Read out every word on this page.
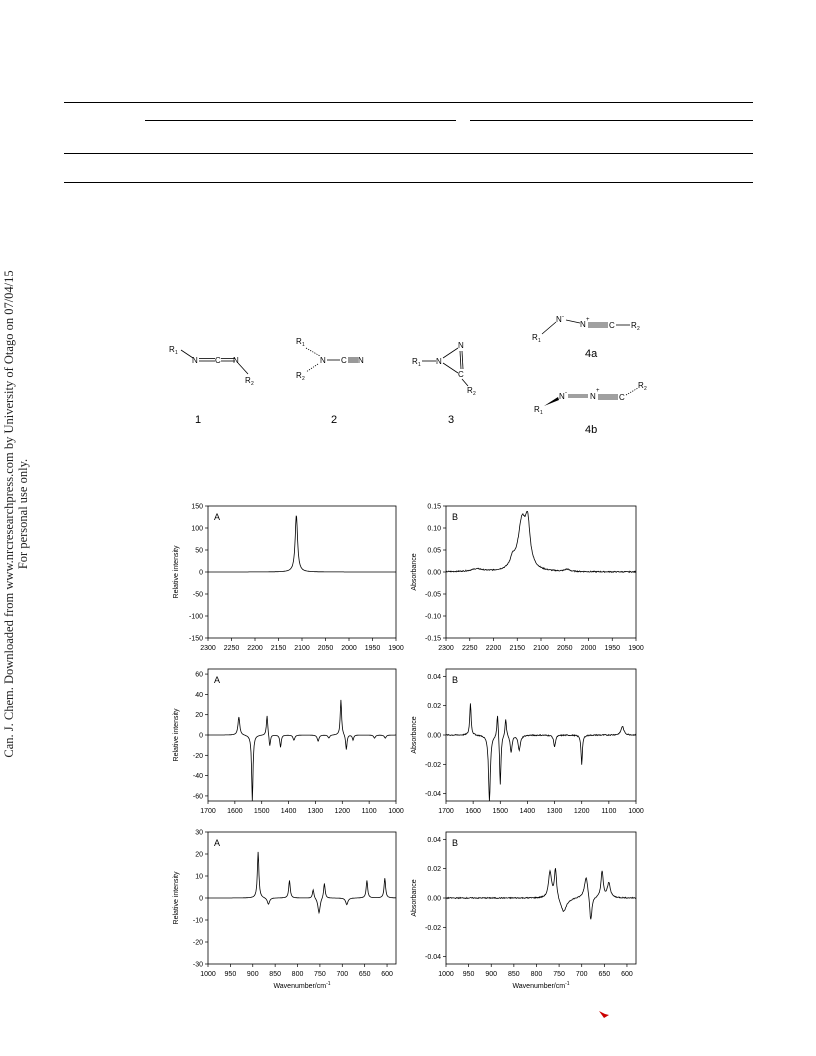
Can. J. Chem. Downloaded from www.nrcresearchpress.com by University of Otago on 07/04/15 For personal use only.
R 1
N C N
R 2
1
R 1
N C N
R 2
2
R 1 N
N
C
R 2
3
R 1
N -
N +
C R 2
4a
R 1
N -	N
+
C
R 2
4b
150
100
50
0
-50
-100
-150
2300 2250 2200 2150 2100 2050 2000 1950 1900
Relative intensity
A
0.15
0.10
0.05
0.00
-0.05
-0.10
-0.15
2300 2250 2200 2150 2100 2050 2000 1950 1900
Absorbance
B
60
40
20
0
-20
-40
-60
1700 1600 1500 1400 1300 1200 1100 1000
Relative intensity
A	0.04
0.02
0.00
-0.02
-0.04
1700 1600 1500 1400 1300 1200 1100 1000
Absorbance
B
30
20
10
0
-10
-20
-30
1000 950 900 850 800 750 700 650 600
Relative intensity
Wavenumber/$cm^{-1}$
A	0.04
0.02
0.00
-0.02
-0.04
1000 950 900 850 800 750 700 650 600
Absorbance
Wavenumber/$cm^{-1}$
B
